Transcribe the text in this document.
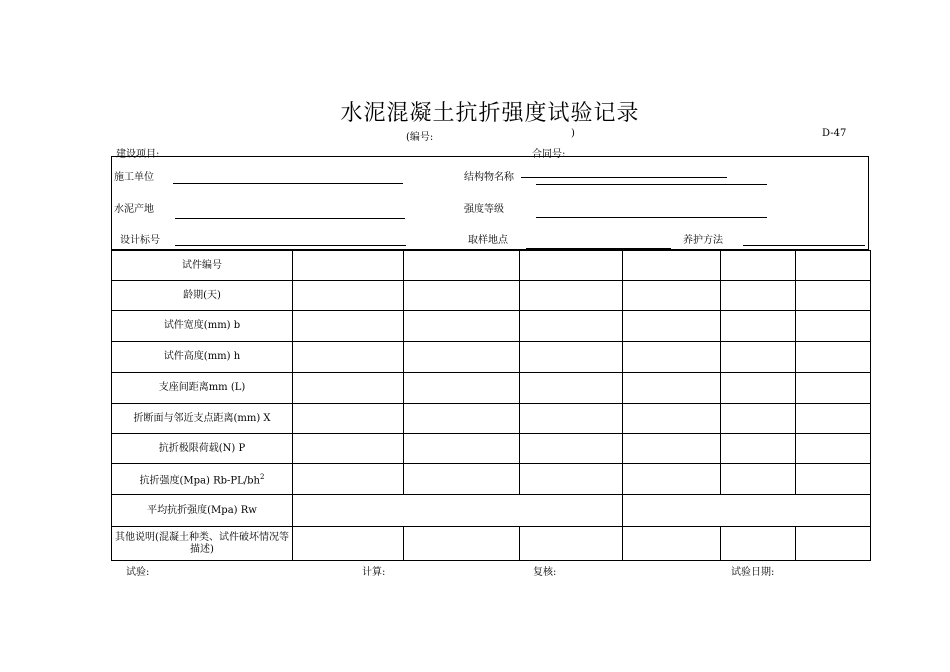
水泥混凝土抗折强度试验记录
(编号:	)	D-47
建设项目:	合同号:
施工单位	结构物名称
水泥产地	强度等级
设计标号	取样地点	养护方法
试件编号						
龄期(天)						
试件宽度(mm) b						
试件高度(mm) h						
支座间距离mm (L)						
折断面与邻近支点距离(mm) X						
抗折极限荷载(N) P						
抗折强度(Mpa) $Rb-PL/bh^2$						
平均抗折强度(Mpa) Rw						
其他说明(混凝土种类、试件破坏情况等描述)						
试验:	计算:	复核:	试验日期:
